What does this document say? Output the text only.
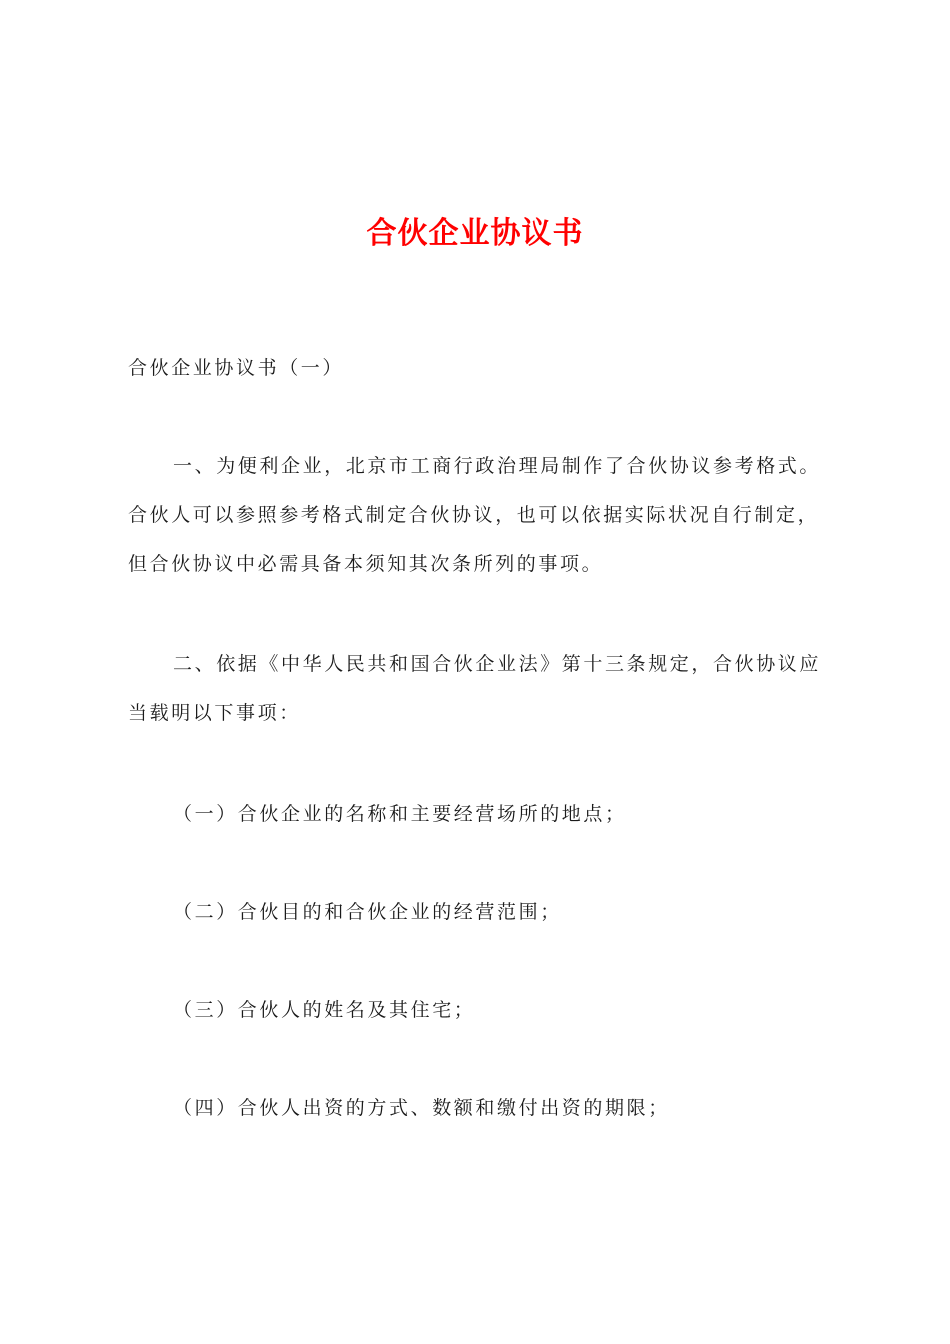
合伙企业协议书

合伙企业协议书（一）

一、为便利企业，北京市工商行政治理局制作了合伙协议参考格式。合伙人可以参照参考格式制定合伙协议，也可以依据实际状况自行制定，但合伙协议中必需具备本须知其次条所列的事项。

二、依据《中华人民共和国合伙企业法》第十三条规定，合伙协议应当载明以下事项：

（一）合伙企业的名称和主要经营场所的地点；

（二）合伙目的和合伙企业的经营范围；

（三）合伙人的姓名及其住宅；

（四）合伙人出资的方式、数额和缴付出资的期限；
